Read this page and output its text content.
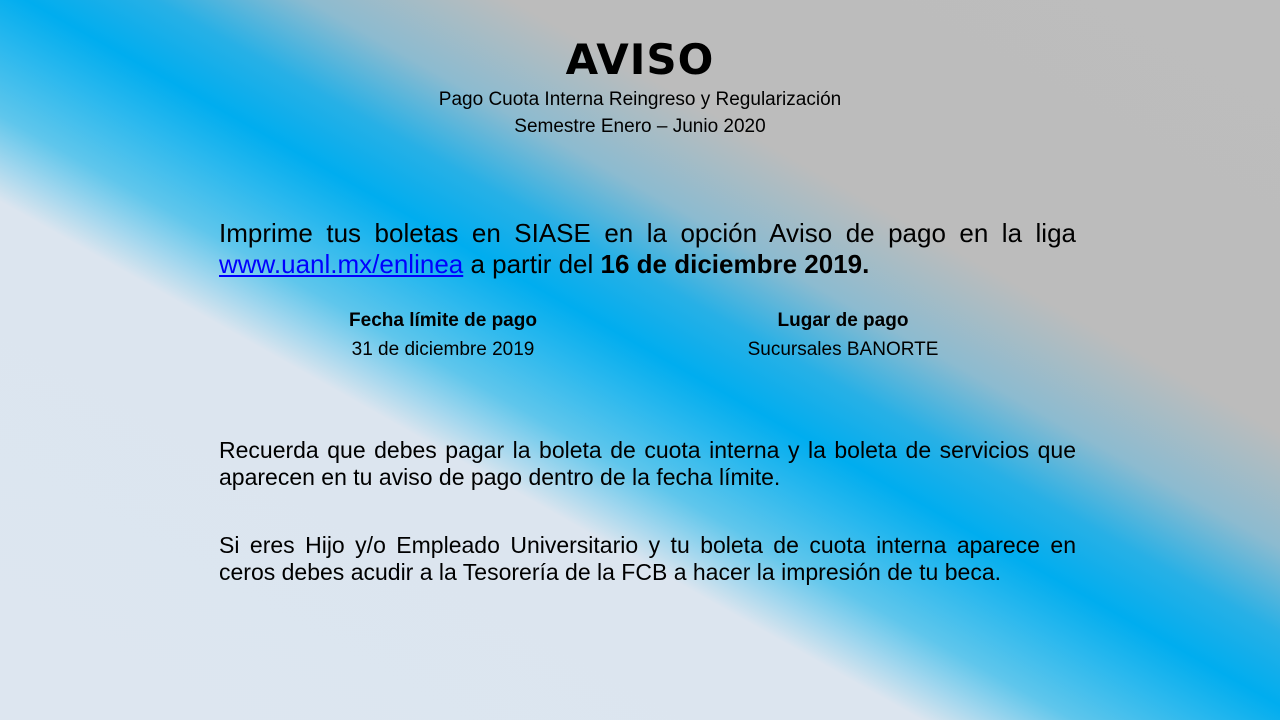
AVISO

Pago Cuota Interna Reingreso y Regularización

Semestre Enero – Junio 2020

Imprime tus boletas en SIASE en la opción Aviso de pago en la liga www.uanl.mx/enlinea a partir del 16 de diciembre 2019.

Fecha límite de pago
31 de diciembre 2019
Lugar de pago
Sucursales BANORTE

Recuerda que debes pagar la boleta de cuota interna y la boleta de servicios que aparecen en tu aviso de pago dentro de la fecha límite.

Si eres Hijo y/o Empleado Universitario y tu boleta de cuota interna aparece en ceros debes acudir a la Tesorería de la FCB a hacer la impresión de tu beca.
